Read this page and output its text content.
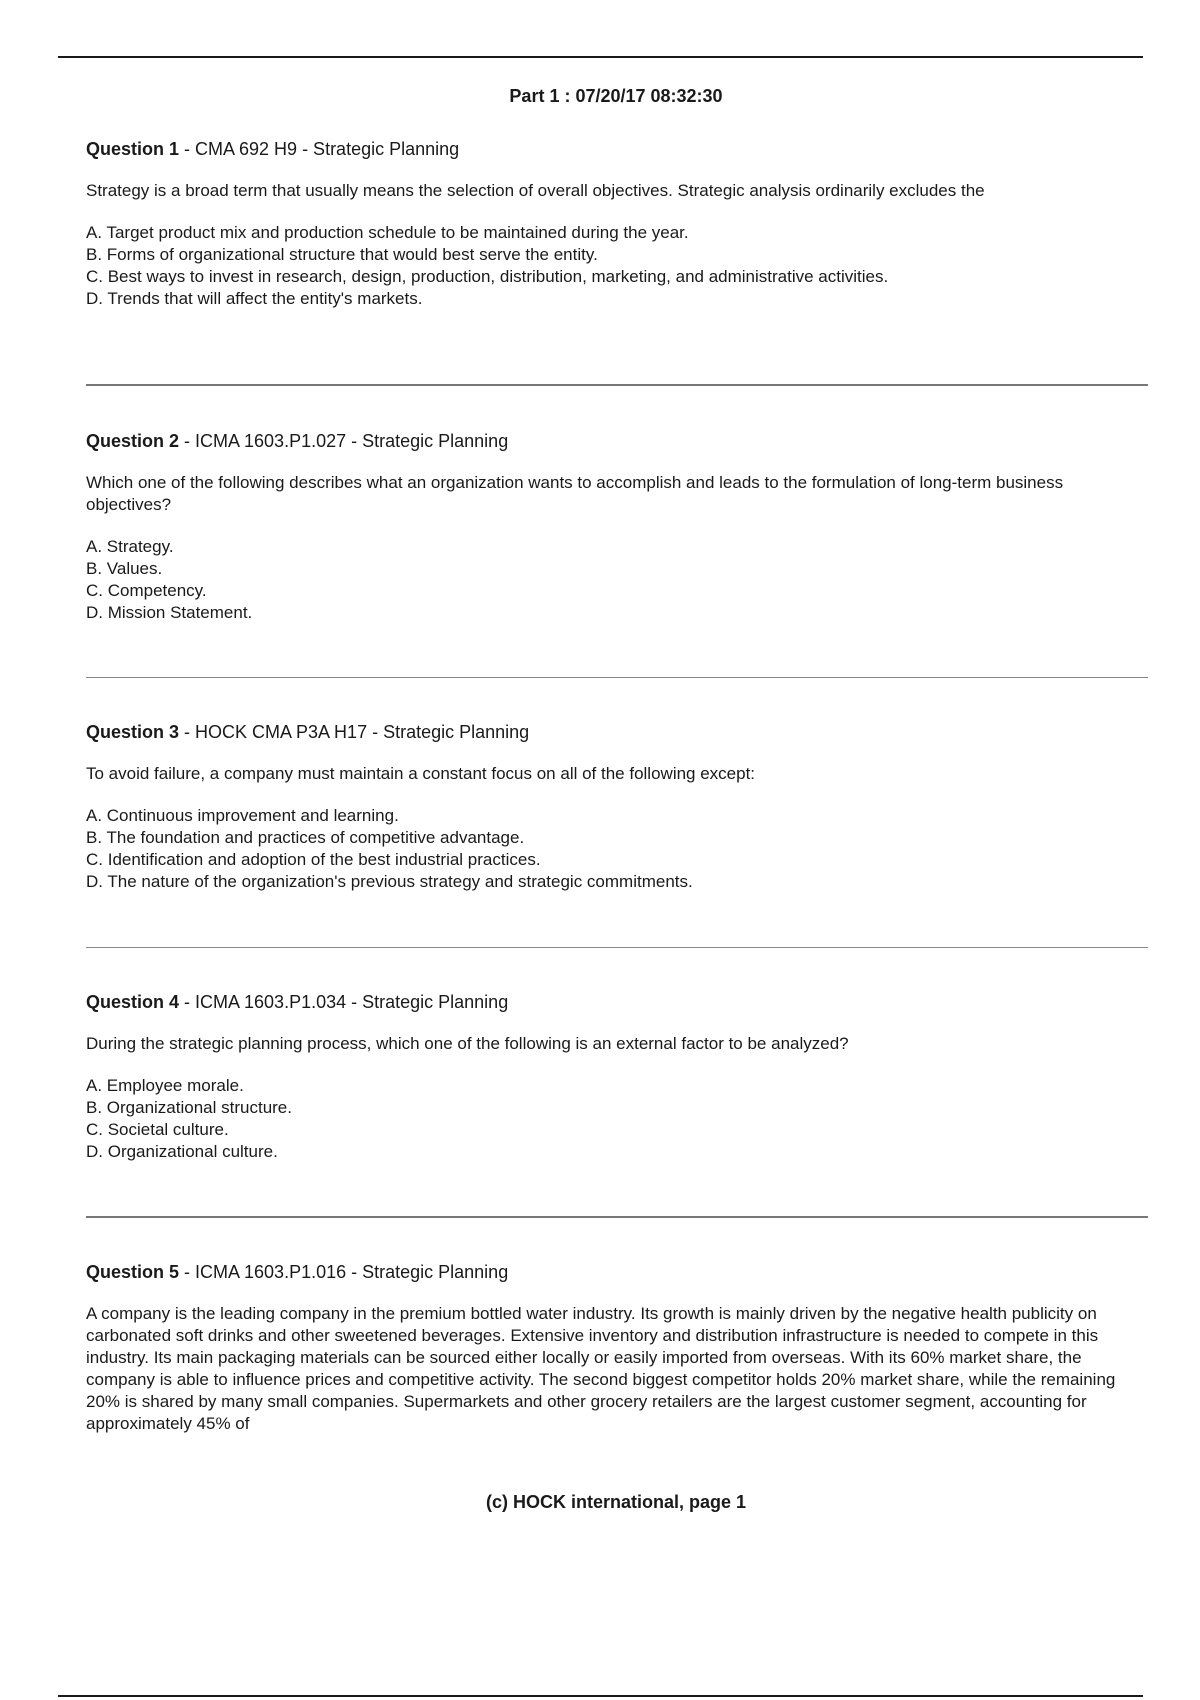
Part 1 : 07/20/17 08:32:30

Question 1 - CMA 692 H9 - Strategic Planning

Strategy is a broad term that usually means the selection of overall objectives. Strategic analysis ordinarily excludes the

A. Target product mix and production schedule to be maintained during the year.
B. Forms of organizational structure that would best serve the entity.
C. Best ways to invest in research, design, production, distribution, marketing, and administrative activities.
D. Trends that will affect the entity's markets.

Question 2 - ICMA 1603.P1.027 - Strategic Planning

Which one of the following describes what an organization wants to accomplish and leads to the formulation of long-term business objectives?

A. Strategy.
B. Values.
C. Competency.
D. Mission Statement.

Question 3 - HOCK CMA P3A H17 - Strategic Planning

To avoid failure, a company must maintain a constant focus on all of the following except:

A. Continuous improvement and learning.
B. The foundation and practices of competitive advantage.
C. Identification and adoption of the best industrial practices.
D. The nature of the organization's previous strategy and strategic commitments.

Question 4 - ICMA 1603.P1.034 - Strategic Planning

During the strategic planning process, which one of the following is an external factor to be analyzed?

A. Employee morale.
B. Organizational structure.
C. Societal culture.
D. Organizational culture.

Question 5 - ICMA 1603.P1.016 - Strategic Planning

A company is the leading company in the premium bottled water industry. Its growth is mainly driven by the negative health publicity on carbonated soft drinks and other sweetened beverages. Extensive inventory and distribution infrastructure is needed to compete in this industry. Its main packaging materials can be sourced either locally or easily imported from overseas. With its 60% market share, the company is able to influence prices and competitive activity. The second biggest competitor holds 20% market share, while the remaining 20% is shared by many small companies. Supermarkets and other grocery retailers are the largest customer segment, accounting for approximately 45% of

(c) HOCK international, page 1
